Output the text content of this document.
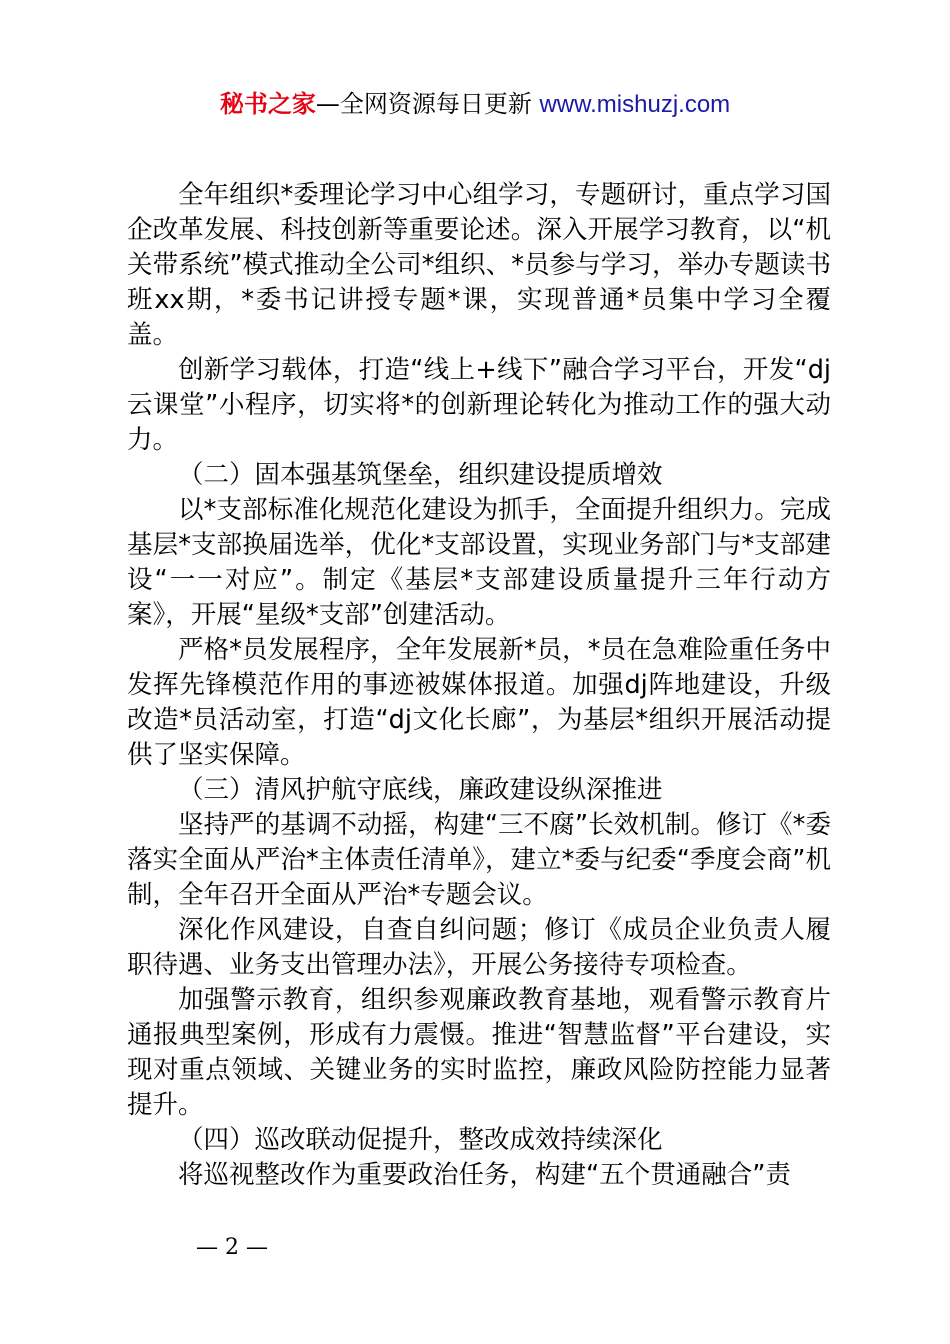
秘书之家—全网资源每日更新 www.mishuzj.com

全年组织*委理论学习中心组学习，专题研讨，重点学习国企改革发展、科技创新等重要论述。深入开展学习教育，以“机关带系统”模式推动全公司*组织、*员参与学习，举办专题读书班xx期，*委书记讲授专题*课，实现普通*员集中学习全覆盖。

创新学习载体，打造“线上+线下”融合学习平台，开发“dj云课堂”小程序，切实将*的创新理论转化为推动工作的强大动力。

（二）固本强基筑堡垒，组织建设提质增效

以*支部标准化规范化建设为抓手，全面提升组织力。完成基层*支部换届选举，优化*支部设置，实现业务部门与*支部建设“一一对应”。制定《基层*支部建设质量提升三年行动方案》，开展“星级*支部”创建活动。

严格*员发展程序，全年发展新*员，*员在急难险重任务中发挥先锋模范作用的事迹被媒体报道。加强dj阵地建设，升级改造*员活动室，打造“dj文化长廊”，为基层*组织开展活动提供了坚实保障。

（三）清风护航守底线，廉政建设纵深推进

坚持严的基调不动摇，构建“三不腐”长效机制。修订《*委落实全面从严治*主体责任清单》，建立*委与纪委“季度会商”机制，全年召开全面从严治*专题会议。

深化作风建设，自查自纠问题；修订《成员企业负责人履职待遇、业务支出管理办法》，开展公务接待专项检查。

加强警示教育，组织参观廉政教育基地，观看警示教育片通报典型案例，形成有力震慑。推进“智慧监督”平台建设，实现对重点领域、关键业务的实时监控，廉政风险防控能力显著提升。

（四）巡改联动促提升，整改成效持续深化

将巡视整改作为重要政治任务，构建“五个贯通融合”责

— 2 —
